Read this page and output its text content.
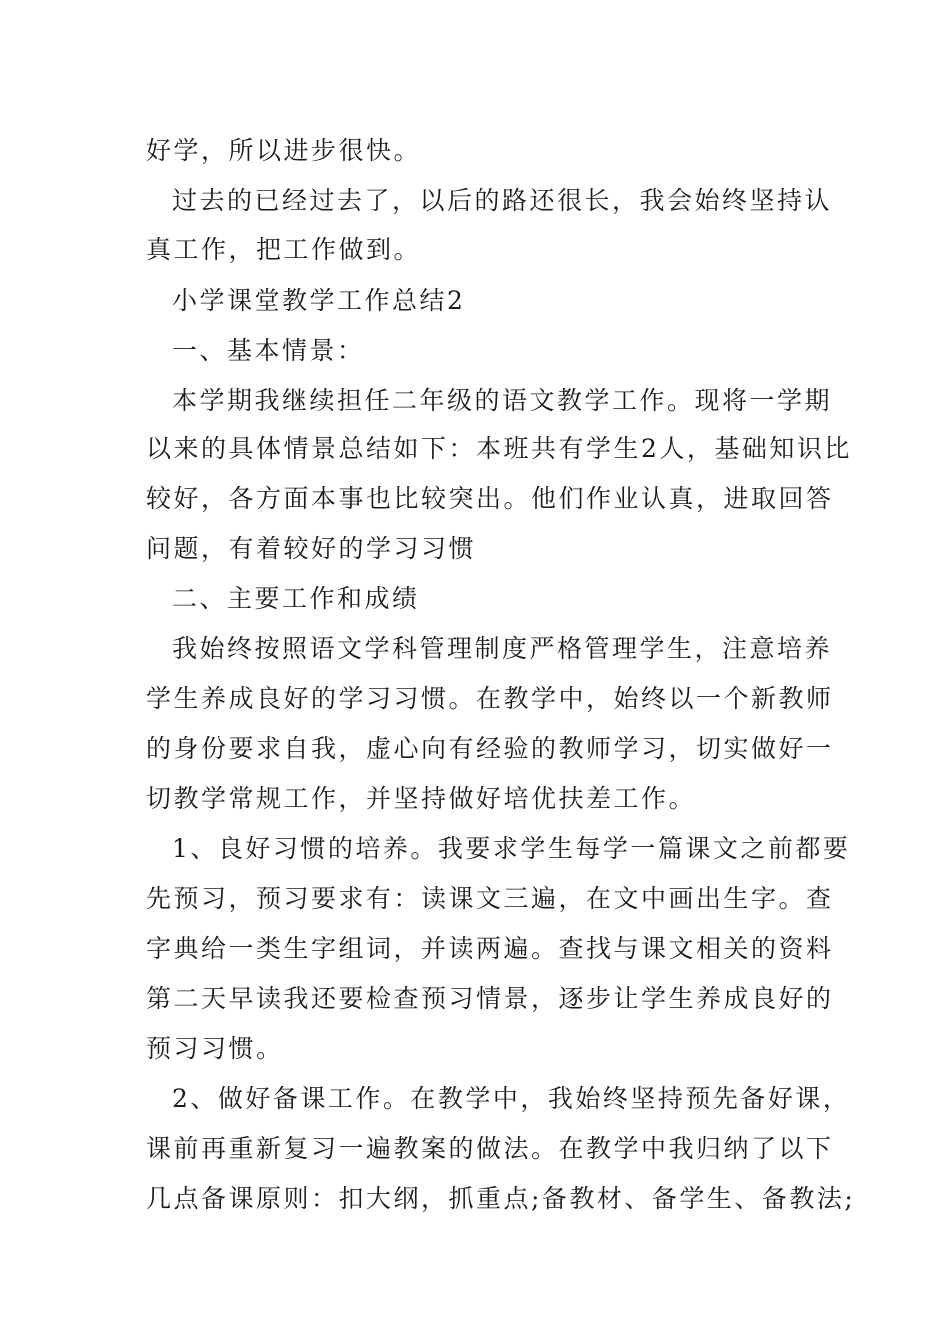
好学，所以进步很快。
过去的已经过去了，以后的路还很长，我会始终坚持认
真工作，把工作做到。
小学课堂教学工作总结2
一、基本情景：
本学期我继续担任二年级的语文教学工作。现将一学期
以来的具体情景总结如下：本班共有学生2人，基础知识比
较好，各方面本事也比较突出。他们作业认真，进取回答
问题，有着较好的学习习惯
二、主要工作和成绩
我始终按照语文学科管理制度严格管理学生，注意培养
学生养成良好的学习习惯。在教学中，始终以一个新教师
的身份要求自我，虚心向有经验的教师学习，切实做好一
切教学常规工作，并坚持做好培优扶差工作。
1、良好习惯的培养。我要求学生每学一篇课文之前都要
先预习，预习要求有：读课文三遍，在文中画出生字。查
字典给一类生字组词，并读两遍。查找与课文相关的资料
第二天早读我还要检查预习情景，逐步让学生养成良好的
预习习惯。
2、做好备课工作。在教学中，我始终坚持预先备好课，
课前再重新复习一遍教案的做法。在教学中我归纳了以下
几点备课原则：扣大纲，抓重点;备教材、备学生、备教法;
